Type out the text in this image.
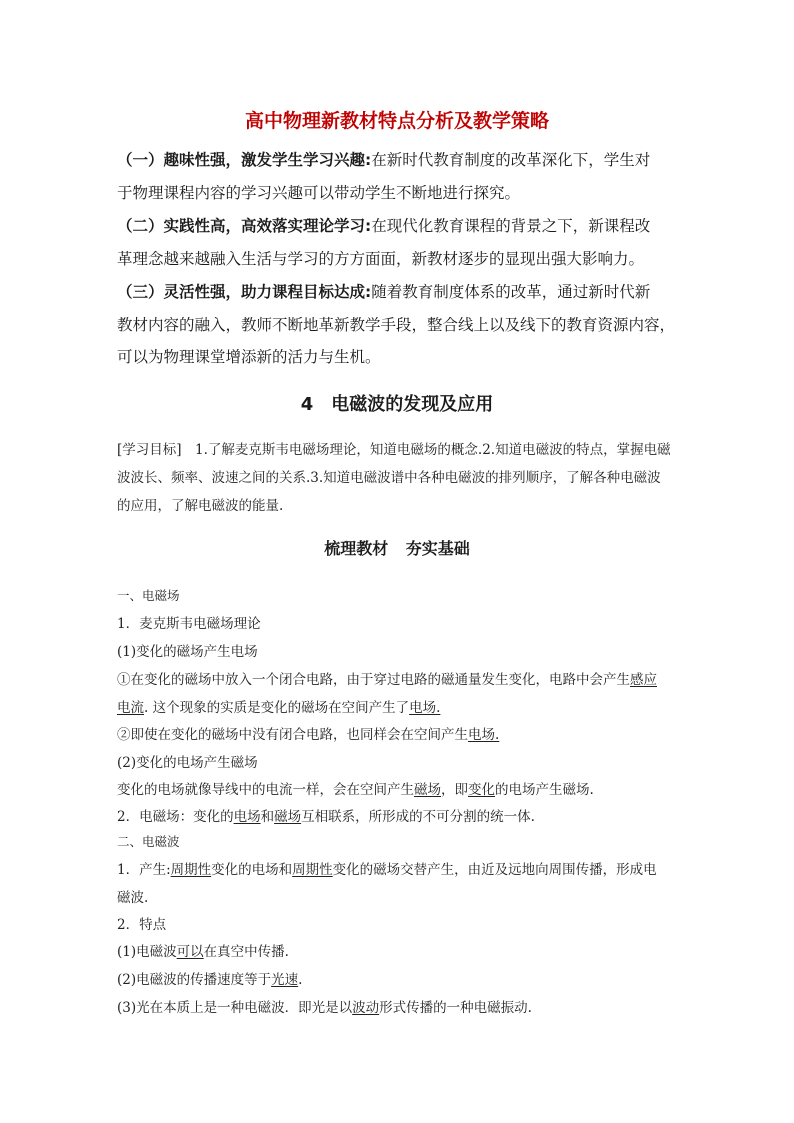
高中物理新教材特点分析及教学策略
（一）趣味性强，激发学生学习兴趣:在新时代教育制度的改革深化下，学生对
于物理课程内容的学习兴趣可以带动学生不断地进行探究。
（二）实践性高，高效落实理论学习:在现代化教育课程的背景之下，新课程改
革理念越来越融入生活与学习的方方面面，新教材逐步的显现出强大影响力。
（三）灵活性强，助力课程目标达成:随着教育制度体系的改革，通过新时代新
教材内容的融入，教师不断地革新教学手段，整合线上以及线下的教育资源内容，
可以为物理课堂增添新的活力与生机。
4　电磁波的发现及应用
[学习目标]　1.了解麦克斯韦电磁场理论，知道电磁场的概念.2.知道电磁波的特点，掌握电磁
波波长、频率、波速之间的关系.3.知道电磁波谱中各种电磁波的排列顺序，了解各种电磁波
的应用，了解电磁波的能量.
梳理教材 夯实基础
一、电磁场
1．麦克斯韦电磁场理论
(1)变化的磁场产生电场
①在变化的磁场中放入一个闭合电路，由于穿过电路的磁通量发生变化，电路中会产生感应
电流. 这个现象的实质是变化的磁场在空间产生了电场.
②即使在变化的磁场中没有闭合电路，也同样会在空间产生电场.
(2)变化的电场产生磁场
变化的电场就像导线中的电流一样，会在空间产生磁场，即变化的电场产生磁场.
2．电磁场：变化的电场和磁场互相联系，所形成的不可分割的统一体.
二、电磁波
1．产生:周期性变化的电场和周期性变化的磁场交替产生，由近及远地向周围传播，形成电
磁波.
2．特点
(1)电磁波可以在真空中传播.
(2)电磁波的传播速度等于光速.
(3)光在本质上是一种电磁波．即光是以波动形式传播的一种电磁振动.
